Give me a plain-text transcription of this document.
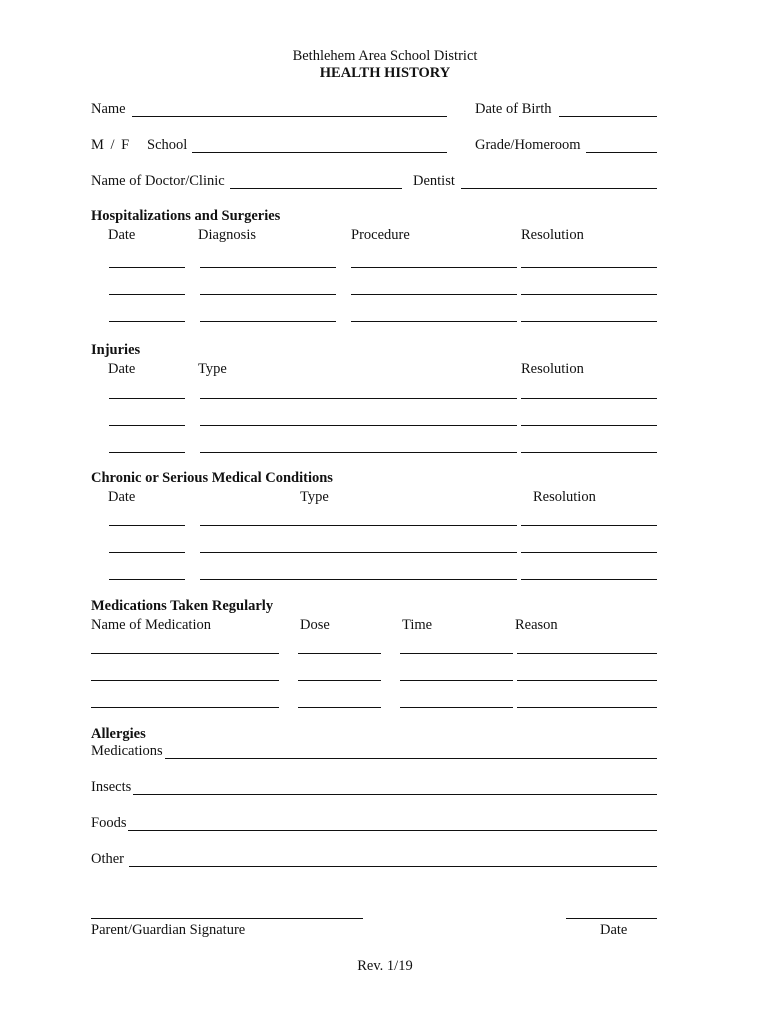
Bethlehem Area School District
HEALTH HISTORY
Name	Date of Birth
M / F School	Grade/Homeroom
Name of Doctor/Clinic	Dentist
Hospitalizations and Surgeries
Date	Diagnosis	Procedure	Resolution
Injuries
Date	Type	Resolution
Chronic or Serious Medical Conditions
Date	Type	Resolution
Medications Taken Regularly
Name of Medication	Dose	Time	Reason
Allergies
Medications
Insects
Foods
Other
Parent/Guardian Signature	Date
Rev. 1/19
